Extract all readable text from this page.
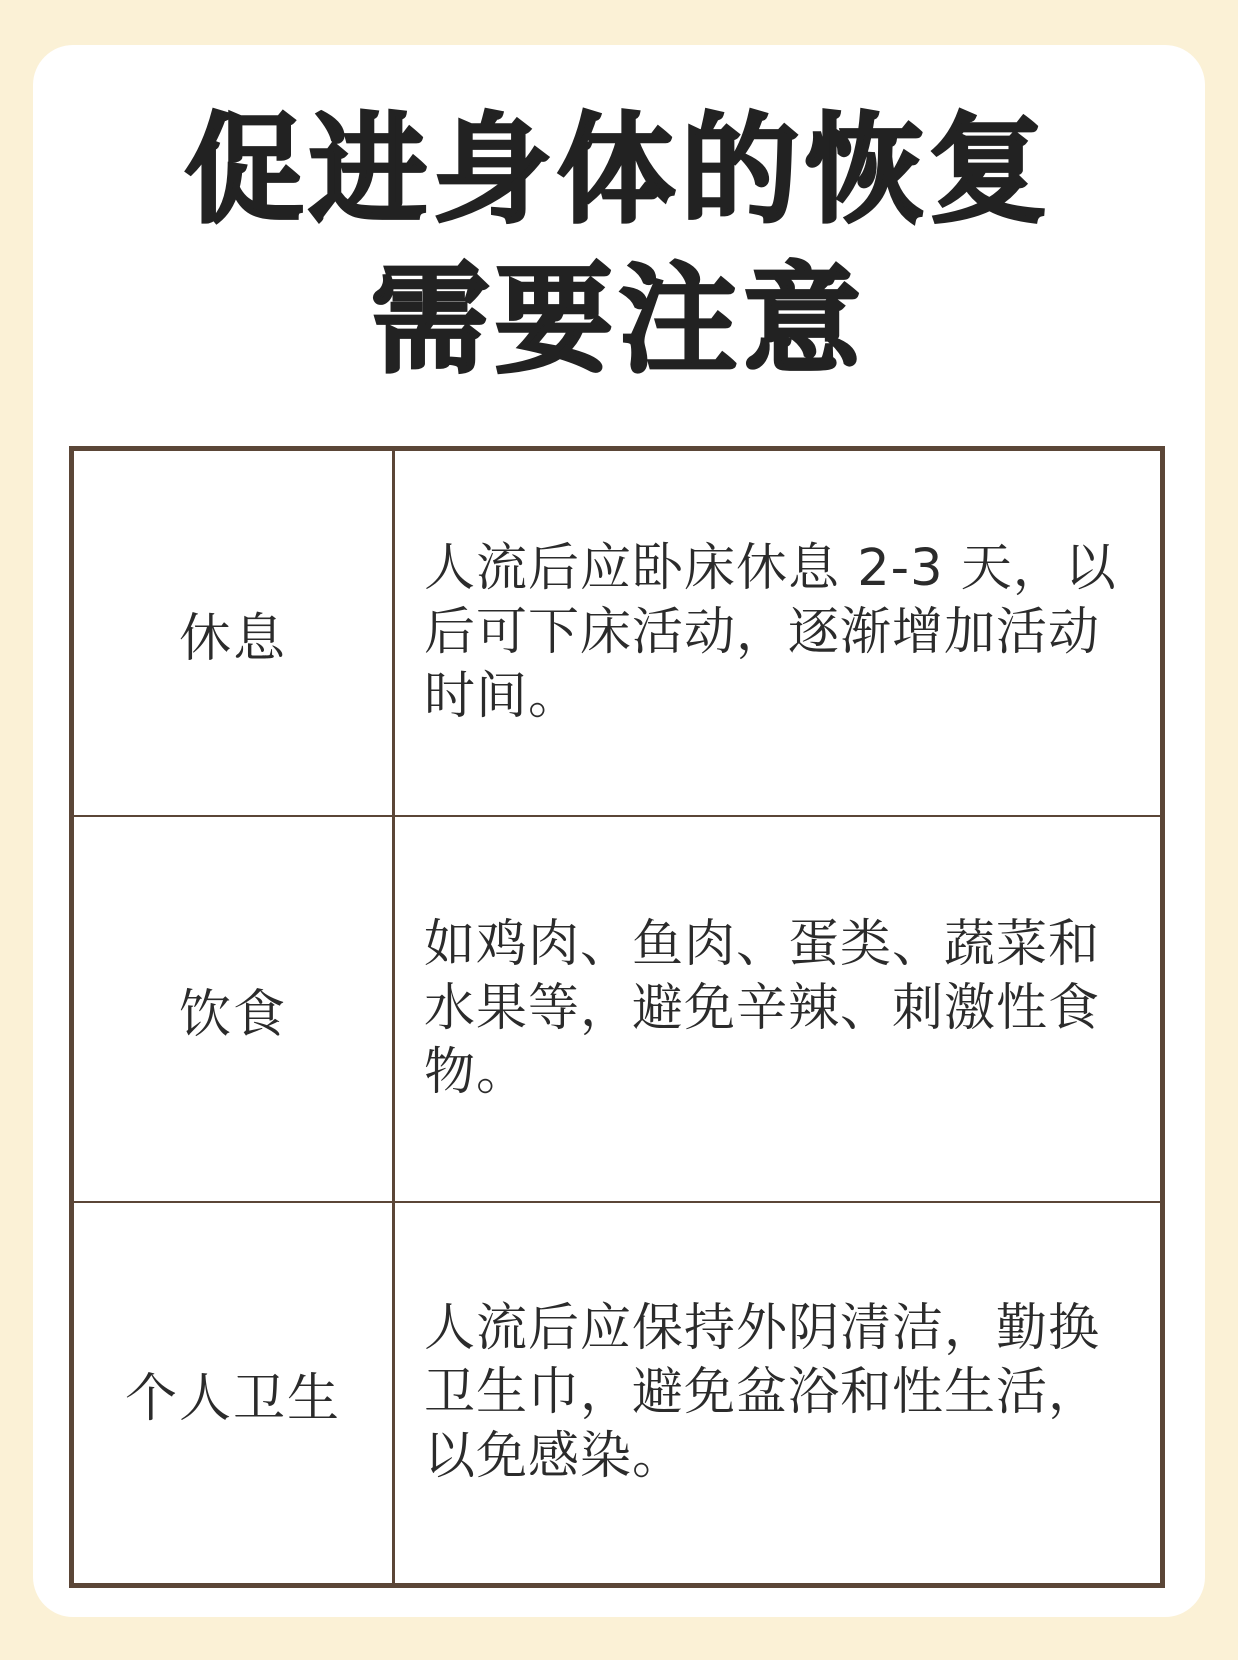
促进身体的恢复
需要注意
休息
人流后应卧床休息 2-3 天，以后可下床活动，逐渐增加活动时间。
饮食
如鸡肉、鱼肉、蛋类、蔬菜和水果等，避免辛辣、刺激性食物。
个人卫生
人流后应保持外阴清洁，勤换卫生巾，避免盆浴和性生活，以免感染。
